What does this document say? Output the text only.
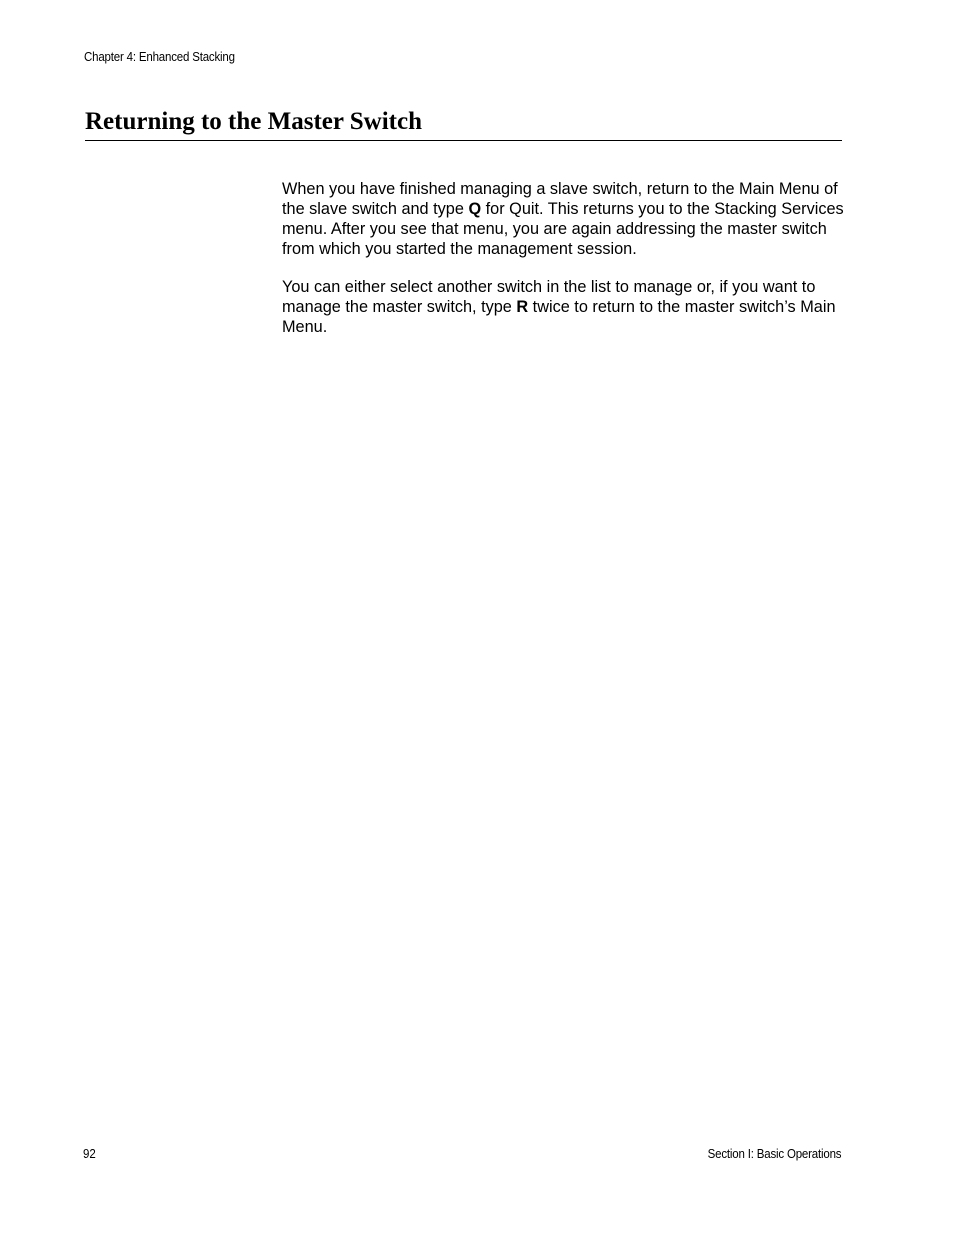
Chapter 4: Enhanced Stacking
Returning to the Master Switch

When you have finished managing a slave switch, return to the Main Menu of the slave switch and type Q for Quit. This returns you to the Stacking Services menu. After you see that menu, you are again addressing the master switch from which you started the management session.

You can either select another switch in the list to manage or, if you want to manage the master switch, type R twice to return to the master switch’s Main Menu.

92	Section I: Basic Operations
